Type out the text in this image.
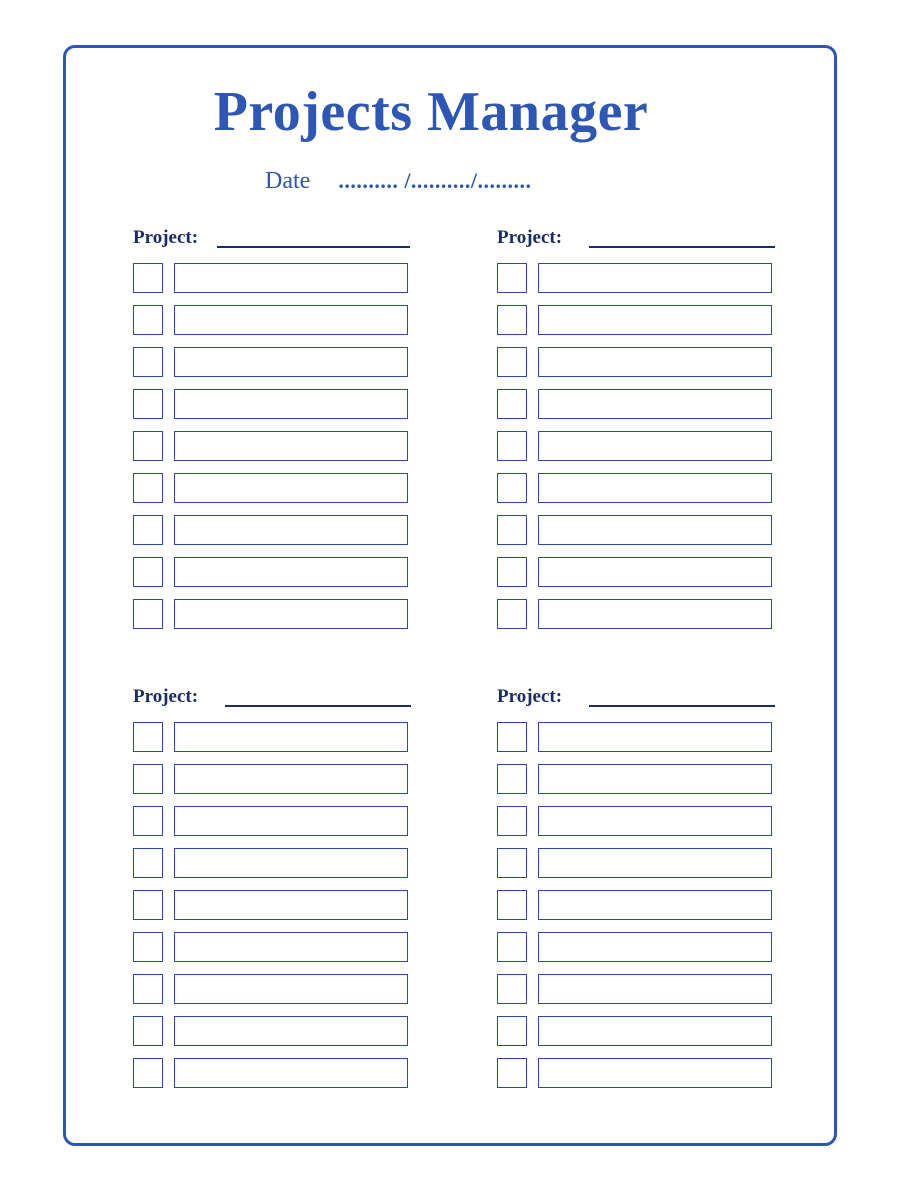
Projects Manager
Date .......... /........../.........
Project:	Project:
Project:	Project:
